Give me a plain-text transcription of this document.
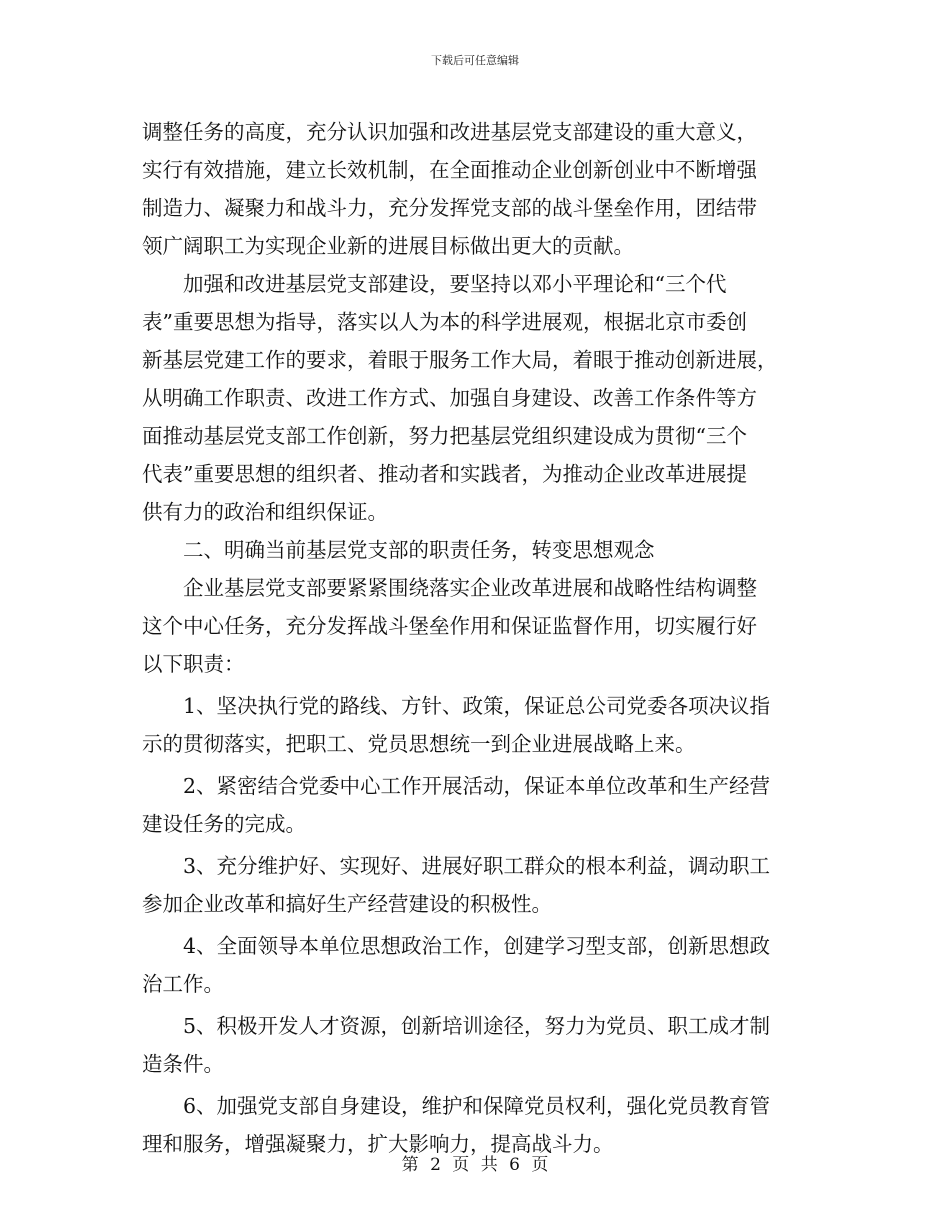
下载后可任意编辑
调整任务的高度，充分认识加强和改进基层党支部建设的重大意义，
实行有效措施，建立长效机制，在全面推动企业创新创业中不断增强
制造力、凝聚力和战斗力，充分发挥党支部的战斗堡垒作用，团结带
领广阔职工为实现企业新的进展目标做出更大的贡献。
　　加强和改进基层党支部建设，要坚持以邓小平理论和“三个代
表”重要思想为指导，落实以人为本的科学进展观，根据北京市委创
新基层党建工作的要求，着眼于服务工作大局，着眼于推动创新进展，
从明确工作职责、改进工作方式、加强自身建设、改善工作条件等方
面推动基层党支部工作创新，努力把基层党组织建设成为贯彻“三个
代表”重要思想的组织者、推动者和实践者，为推动企业改革进展提
供有力的政治和组织保证。
　　二、明确当前基层党支部的职责任务，转变思想观念
　　企业基层党支部要紧紧围绕落实企业改革进展和战略性结构调整
这个中心任务，充分发挥战斗堡垒作用和保证监督作用，切实履行好
以下职责：
　　1、坚决执行党的路线、方针、政策，保证总公司党委各项决议指
示的贯彻落实，把职工、党员思想统一到企业进展战略上来。
　　2、紧密结合党委中心工作开展活动，保证本单位改革和生产经营
建设任务的完成。
　　3、充分维护好、实现好、进展好职工群众的根本利益，调动职工
参加企业改革和搞好生产经营建设的积极性。
　　4、全面领导本单位思想政治工作，创建学习型支部，创新思想政
治工作。
　　5、积极开发人才资源，创新培训途径，努力为党员、职工成才制
造条件。
　　6、加强党支部自身建设，维护和保障党员权利，强化党员教育管
理和服务，增强凝聚力，扩大影响力，提高战斗力。
第 2 页 共 6 页
